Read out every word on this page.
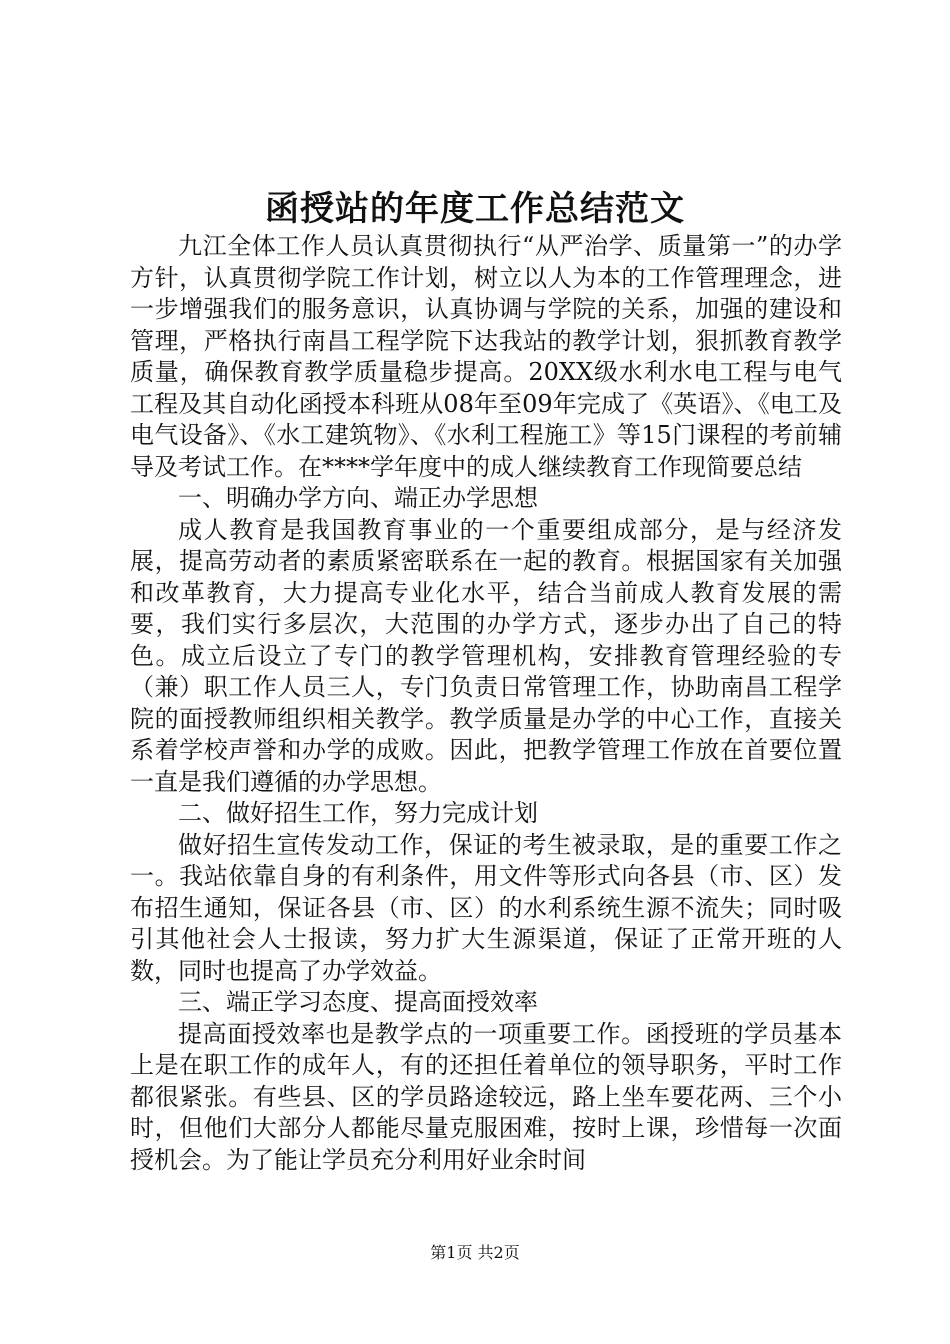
函授站的年度工作总结范文

九江全体工作人员认真贯彻执行“从严治学、质量第一”的办学方针，认真贯彻学院工作计划，树立以人为本的工作管理理念，进一步增强我们的服务意识，认真协调与学院的关系，加强的建设和管理，严格执行南昌工程学院下达我站的教学计划，狠抓教育教学质量，确保教育教学质量稳步提高。20XX级水利水电工程与电气工程及其自动化函授本科班从08年至09年完成了《英语》、《电工及电气设备》、《水工建筑物》、《水利工程施工》等15门课程的考前辅导及考试工作。在****学年度中的成人继续教育工作现简要总结

一、明确办学方向、端正办学思想

成人教育是我国教育事业的一个重要组成部分，是与经济发展，提高劳动者的素质紧密联系在一起的教育。根据国家有关加强和改革教育，大力提高专业化水平，结合当前成人教育发展的需要，我们实行多层次，大范围的办学方式，逐步办出了自己的特色。成立后设立了专门的教学管理机构，安排教育管理经验的专（兼）职工作人员三人，专门负责日常管理工作，协助南昌工程学院的面授教师组织相关教学。教学质量是办学的中心工作，直接关系着学校声誉和办学的成败。因此，把教学管理工作放在首要位置一直是我们遵循的办学思想。

二、做好招生工作，努力完成计划

做好招生宣传发动工作，保证的考生被录取，是的重要工作之一。我站依靠自身的有利条件，用文件等形式向各县（市、区）发布招生通知，保证各县（市、区）的水利系统生源不流失；同时吸引其他社会人士报读，努力扩大生源渠道，保证了正常开班的人数，同时也提高了办学效益。

三、端正学习态度、提高面授效率

提高面授效率也是教学点的一项重要工作。函授班的学员基本上是在职工作的成年人，有的还担任着单位的领导职务，平时工作都很紧张。有些县、区的学员路途较远，路上坐车要花两、三个小时，但他们大部分人都能尽量克服困难，按时上课，珍惜每一次面授机会。为了能让学员充分利用好业余时间

第1页 共2页
